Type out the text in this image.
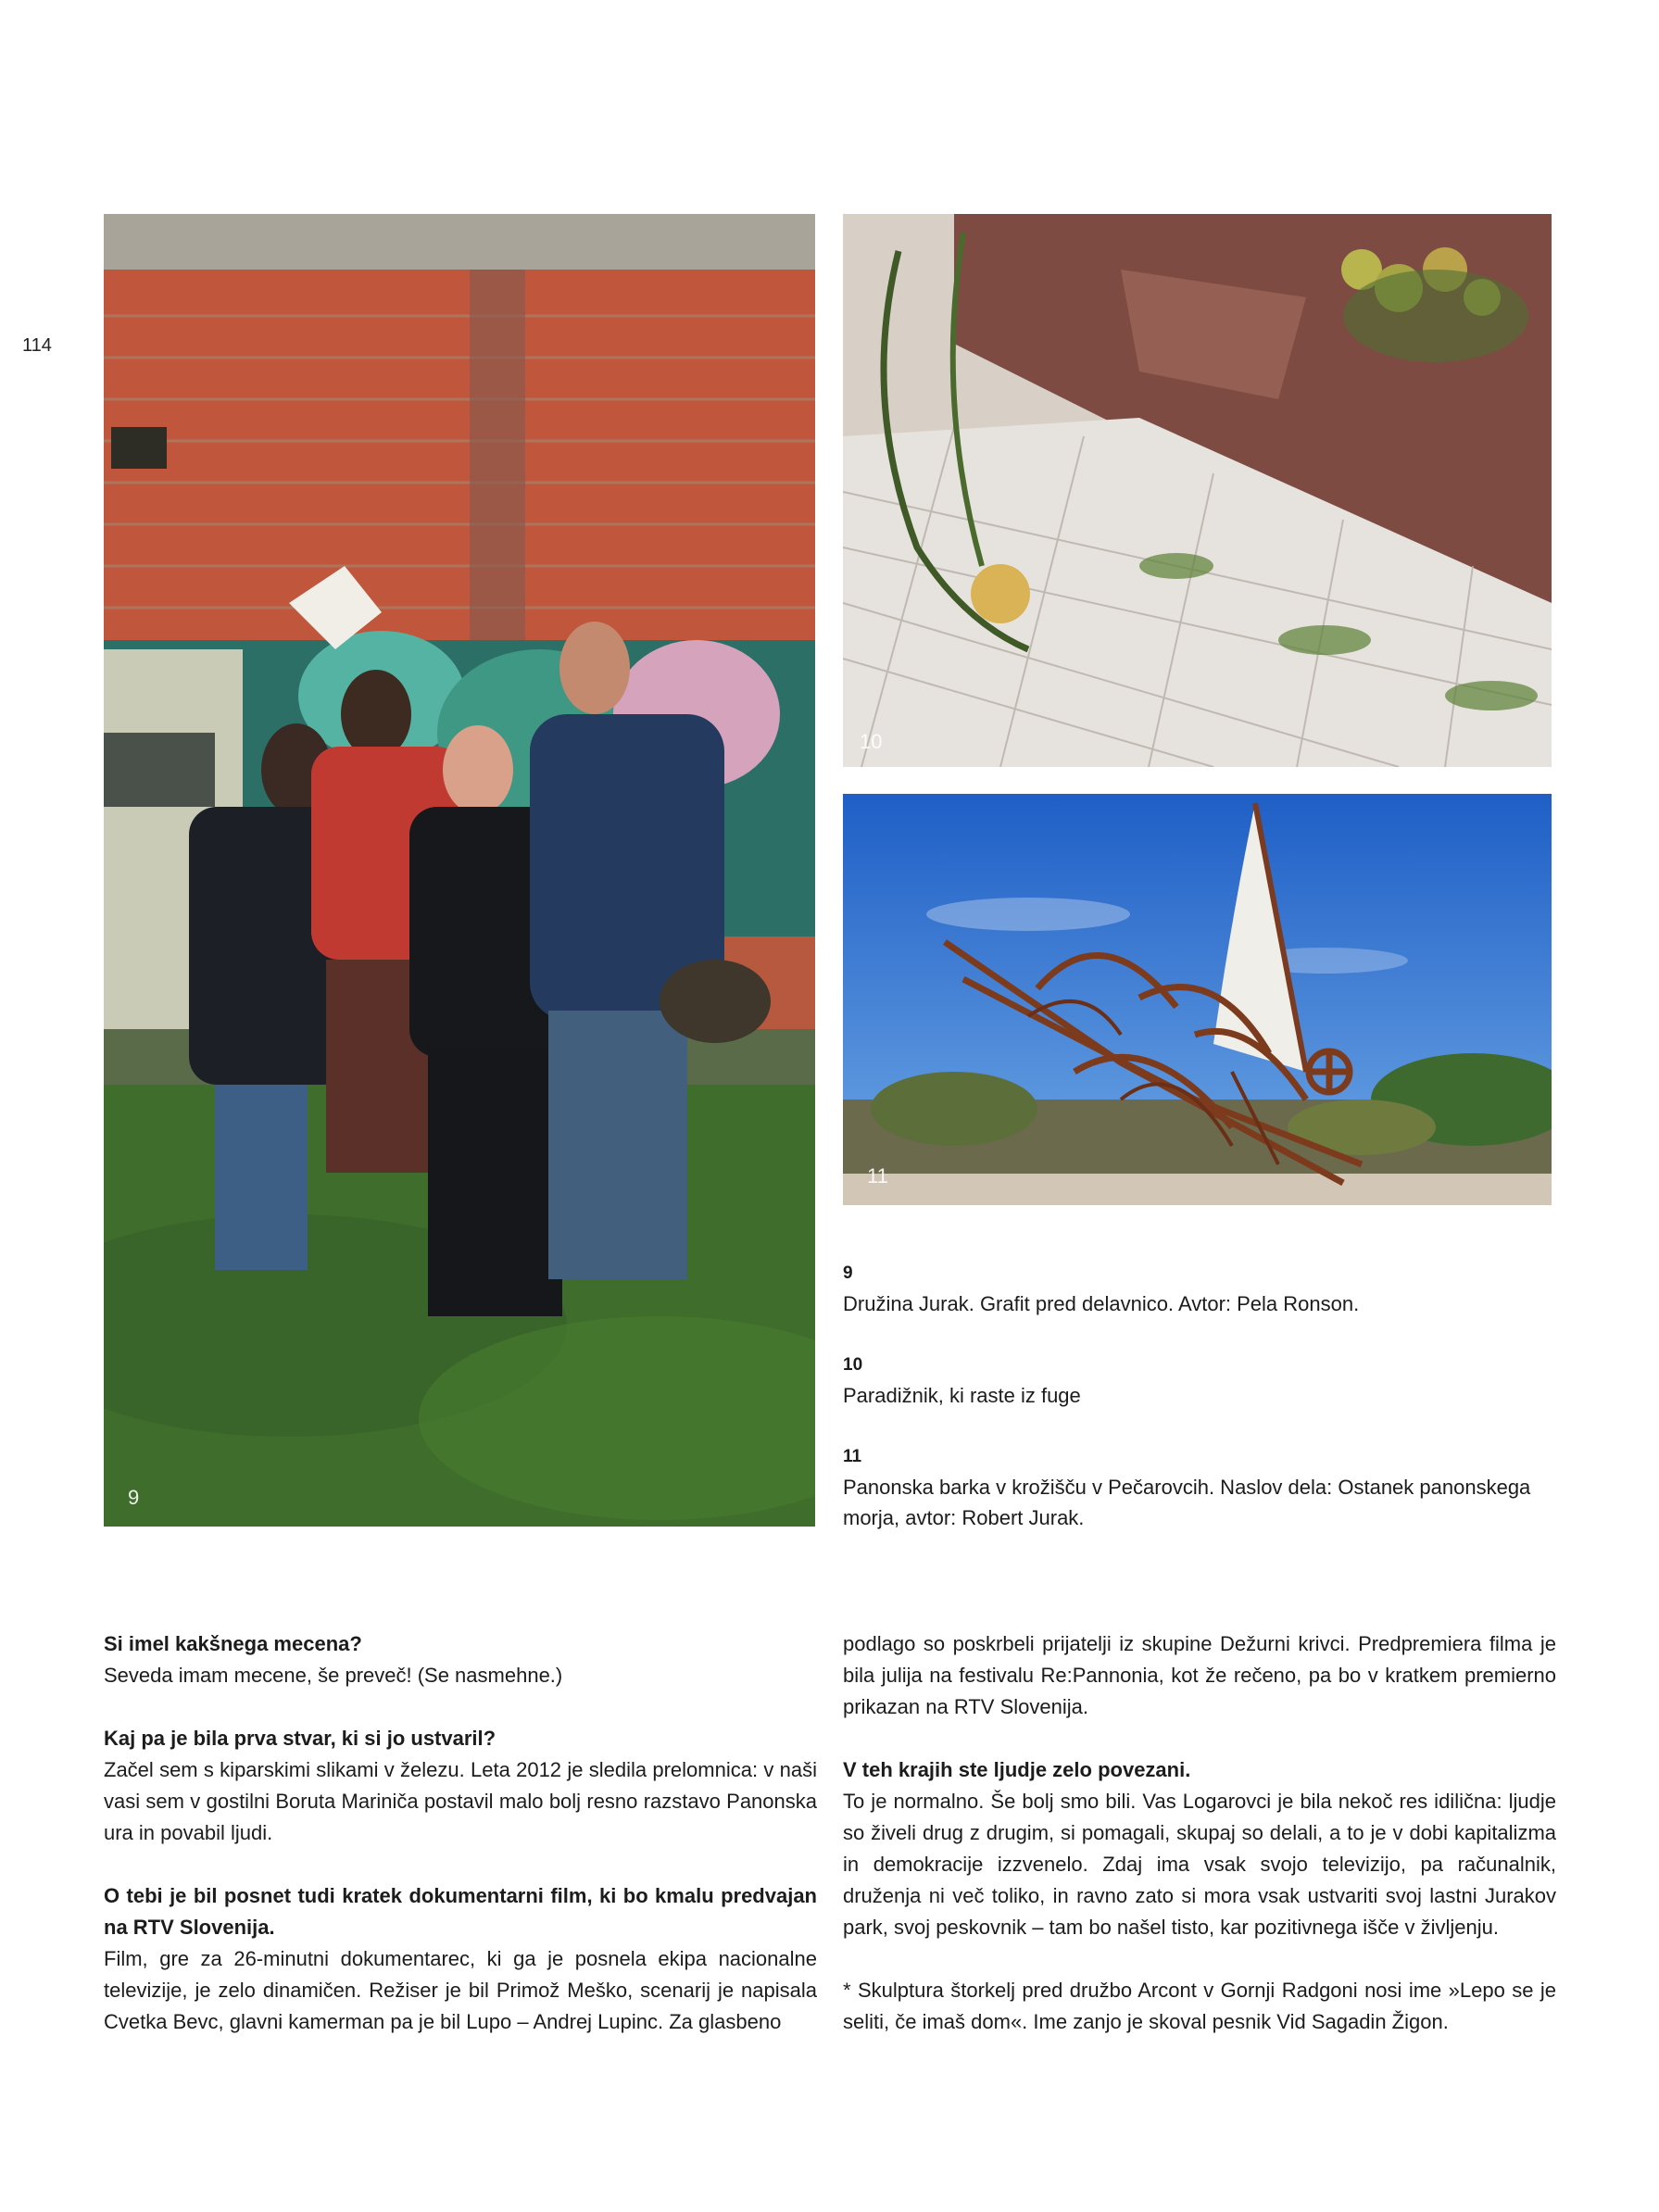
114
9
10
11
9
Družina Jurak. Grafit pred delavnico. Avtor: Pela Ronson.
10
Paradižnik, ki raste iz fuge
11
Panonska barka v krožišču v Pečarovcih. Naslov dela: Ostanek panonskega morja, avtor: Robert Jurak.
Si imel kakšnega mecena?
Seveda imam mecene, še preveč! (Se nasmehne.)
Kaj pa je bila prva stvar, ki si jo ustvaril?
Začel sem s kiparskimi slikami v železu. Leta 2012 je sledila prelomnica: v naši vasi sem v gostilni Boruta Mariniča postavil malo bolj resno razstavo Panonska ura in povabil ljudi.
O tebi je bil posnet tudi kratek dokumentarni film, ki bo kmalu predvajan na RTV Slovenija.
Film, gre za 26-minutni dokumentarec, ki ga je posnela ekipa nacionalne televizije, je zelo dinamičen. Režiser je bil Primož Meško, scenarij je napisala Cvetka Bevc, glavni kamerman pa je bil Lupo – Andrej Lupinc. Za glasbeno
podlago so poskrbeli prijatelji iz skupine Dežurni krivci. Predpremiera filma je bila julija na festivalu Re:Pannonia, kot že rečeno, pa bo v kratkem premierno prikazan na RTV Slovenija.
V teh krajih ste ljudje zelo povezani.
To je normalno. Še bolj smo bili. Vas Logarovci je bila nekoč res idilična: ljudje so živeli drug z drugim, si pomagali, skupaj so delali, a to je v dobi kapitalizma in demokracije izzvenelo. Zdaj ima vsak svojo televizijo, pa računalnik, druženja ni več toliko, in ravno zato si mora vsak ustvariti svoj lastni Jurakov park, svoj peskovnik – tam bo našel tisto, kar pozitivnega išče v življenju.
* Skulptura štorkelj pred družbo Arcont v Gornji Radgoni nosi ime »Lepo se je seliti, če imaš dom«. Ime zanjo je skoval pesnik Vid Sagadin Žigon.
